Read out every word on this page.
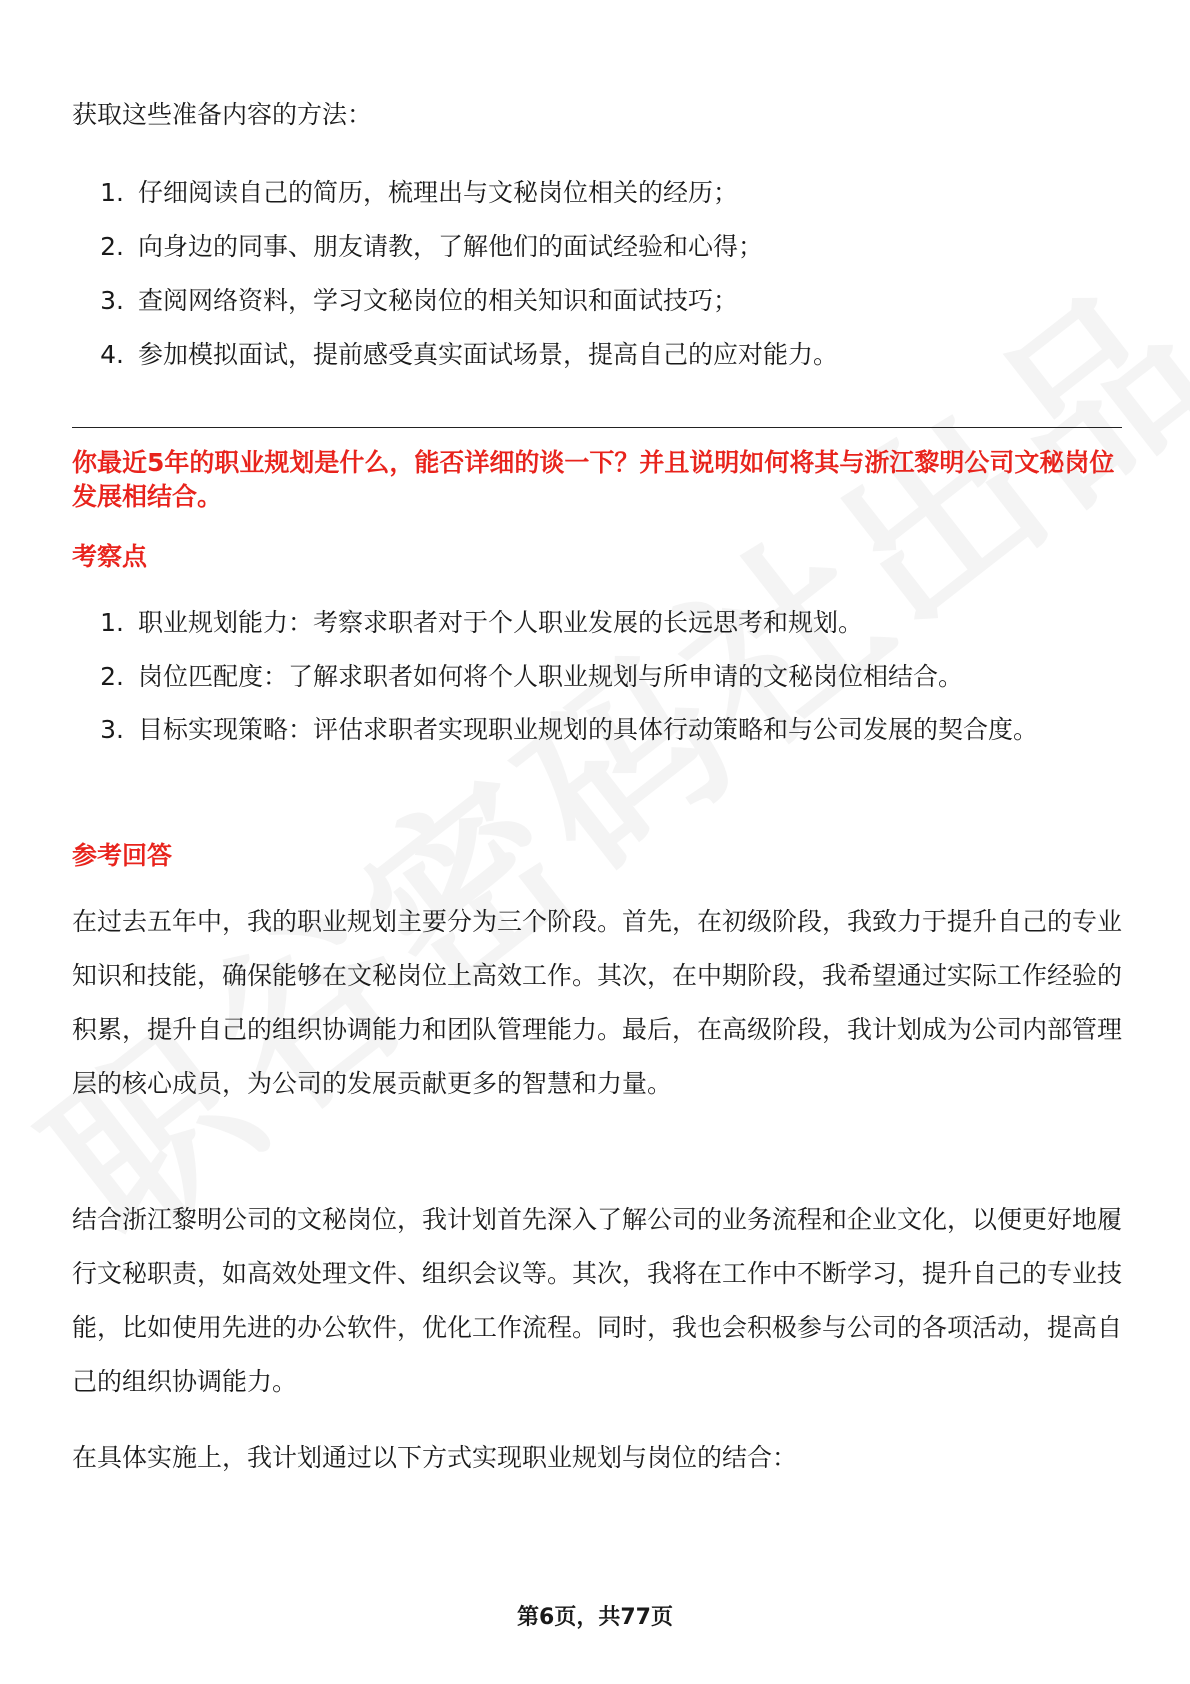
获取这些准备内容的方法：

1. 仔细阅读自己的简历，梳理出与文秘岗位相关的经历；
2. 向身边的同事、朋友请教，了解他们的面试经验和心得；
3. 查阅网络资料，学习文秘岗位的相关知识和面试技巧；
4. 参加模拟面试，提前感受真实面试场景，提高自己的应对能力。

你最近5年的职业规划是什么，能否详细的谈一下？并且说明如何将其与浙江黎明公司文秘岗位发展相结合。

考察点

1. 职业规划能力：考察求职者对于个人职业发展的长远思考和规划。
2. 岗位匹配度：了解求职者如何将个人职业规划与所申请的文秘岗位相结合。
3. 目标实现策略：评估求职者实现职业规划的具体行动策略和与公司发展的契合度。

参考回答

在过去五年中，我的职业规划主要分为三个阶段。首先，在初级阶段，我致力于提升自己的专业知识和技能，确保能够在文秘岗位上高效工作。其次，在中期阶段，我希望通过实际工作经验的积累，提升自己的组织协调能力和团队管理能力。最后，在高级阶段，我计划成为公司内部管理层的核心成员，为公司的发展贡献更多的智慧和力量。

结合浙江黎明公司的文秘岗位，我计划首先深入了解公司的业务流程和企业文化，以便更好地履行文秘职责，如高效处理文件、组织会议等。其次，我将在工作中不断学习，提升自己的专业技能，比如使用先进的办公软件，优化工作流程。同时，我也会积极参与公司的各项活动，提高自己的组织协调能力。

在具体实施上，我计划通过以下方式实现职业规划与岗位的结合：

第6页，共77页
